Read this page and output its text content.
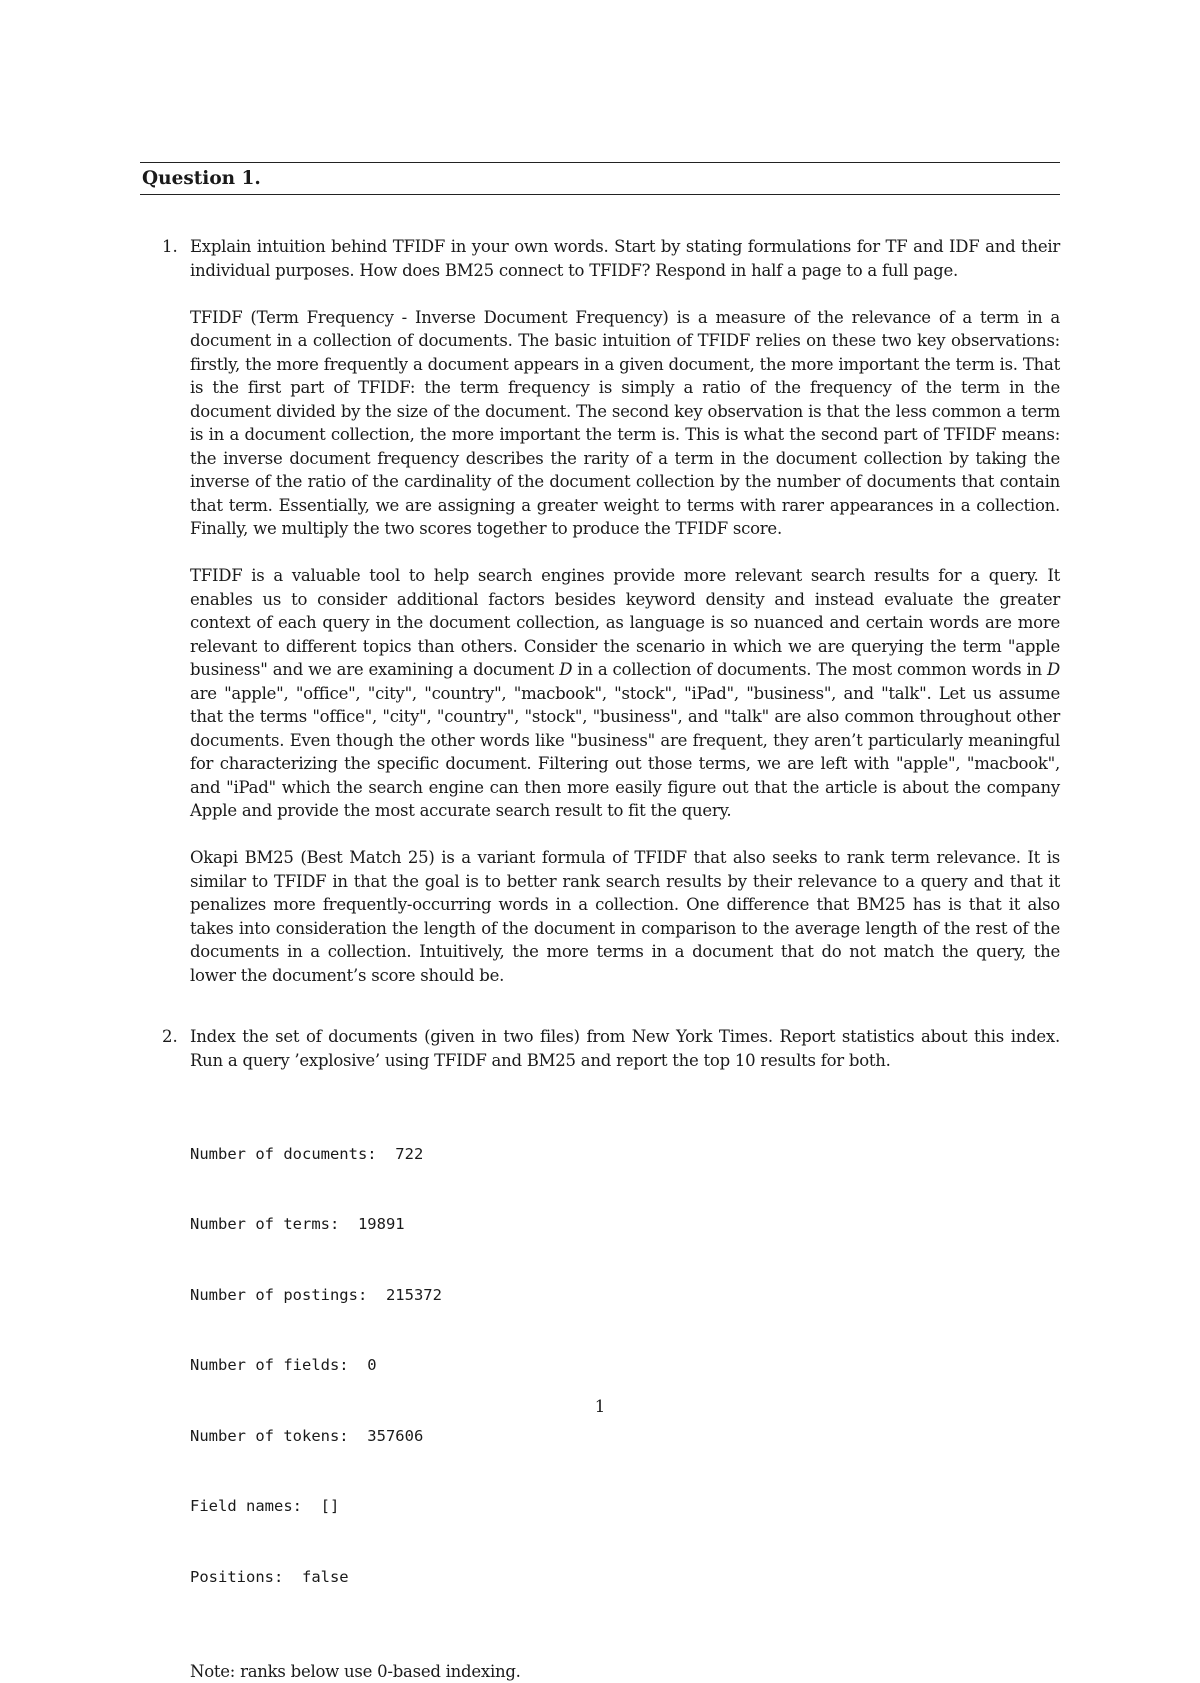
Question 1.
1. Explain intuition behind TFIDF in your own words. Start by stating formulations for TF and IDF and their individual purposes. How does BM25 connect to TFIDF? Respond in half a page to a full page.

TFIDF (Term Frequency - Inverse Document Frequency) is a measure of the relevance of a term in a document in a collection of documents. The basic intuition of TFIDF relies on these two key observations: firstly, the more frequently a document appears in a given document, the more important the term is. That is the first part of TFIDF: the term frequency is simply a ratio of the frequency of the term in the document divided by the size of the document. The second key observation is that the less common a term is in a document collection, the more important the term is. This is what the second part of TFIDF means: the inverse document frequency describes the rarity of a term in the document collection by taking the inverse of the ratio of the cardinality of the document collection by the number of documents that contain that term. Essentially, we are assigning a greater weight to terms with rarer appearances in a collection. Finally, we multiply the two scores together to produce the TFIDF score.

TFIDF is a valuable tool to help search engines provide more relevant search results for a query. It enables us to consider additional factors besides keyword density and instead evaluate the greater context of each query in the document collection, as language is so nuanced and certain words are more relevant to different topics than others. Consider the scenario in which we are querying the term "apple business" and we are examining a document D in a collection of documents. The most common words in D are "apple", "office", "city", "country", "macbook", "stock", "iPad", "business", and "talk". Let us assume that the terms "office", "city", "country", "stock", "business", and "talk" are also common throughout other documents. Even though the other words like "business" are frequent, they aren’t particularly meaningful for characterizing the specific document. Filtering out those terms, we are left with "apple", "macbook", and "iPad" which the search engine can then more easily figure out that the article is about the company Apple and provide the most accurate search result to fit the query.

Okapi BM25 (Best Match 25) is a variant formula of TFIDF that also seeks to rank term relevance. It is similar to TFIDF in that the goal is to better rank search results by their relevance to a query and that it penalizes more frequently-occurring words in a collection. One difference that BM25 has is that it also takes into consideration the length of the document in comparison to the average length of the rest of the documents in a collection. Intuitively, the more terms in a document that do not match the query, the lower the document’s score should be.

2. Index the set of documents (given in two files) from New York Times. Report statistics about this index. Run a query ’explosive’ using TFIDF and BM25 and report the top 10 results for both.

Number of documents:  722

Number of terms:  19891

Number of postings:  215372

Number of fields:  0

Number of tokens:  357606

Field names:  []

Positions:  false

Note: ranks below use 0-based indexing.

1
